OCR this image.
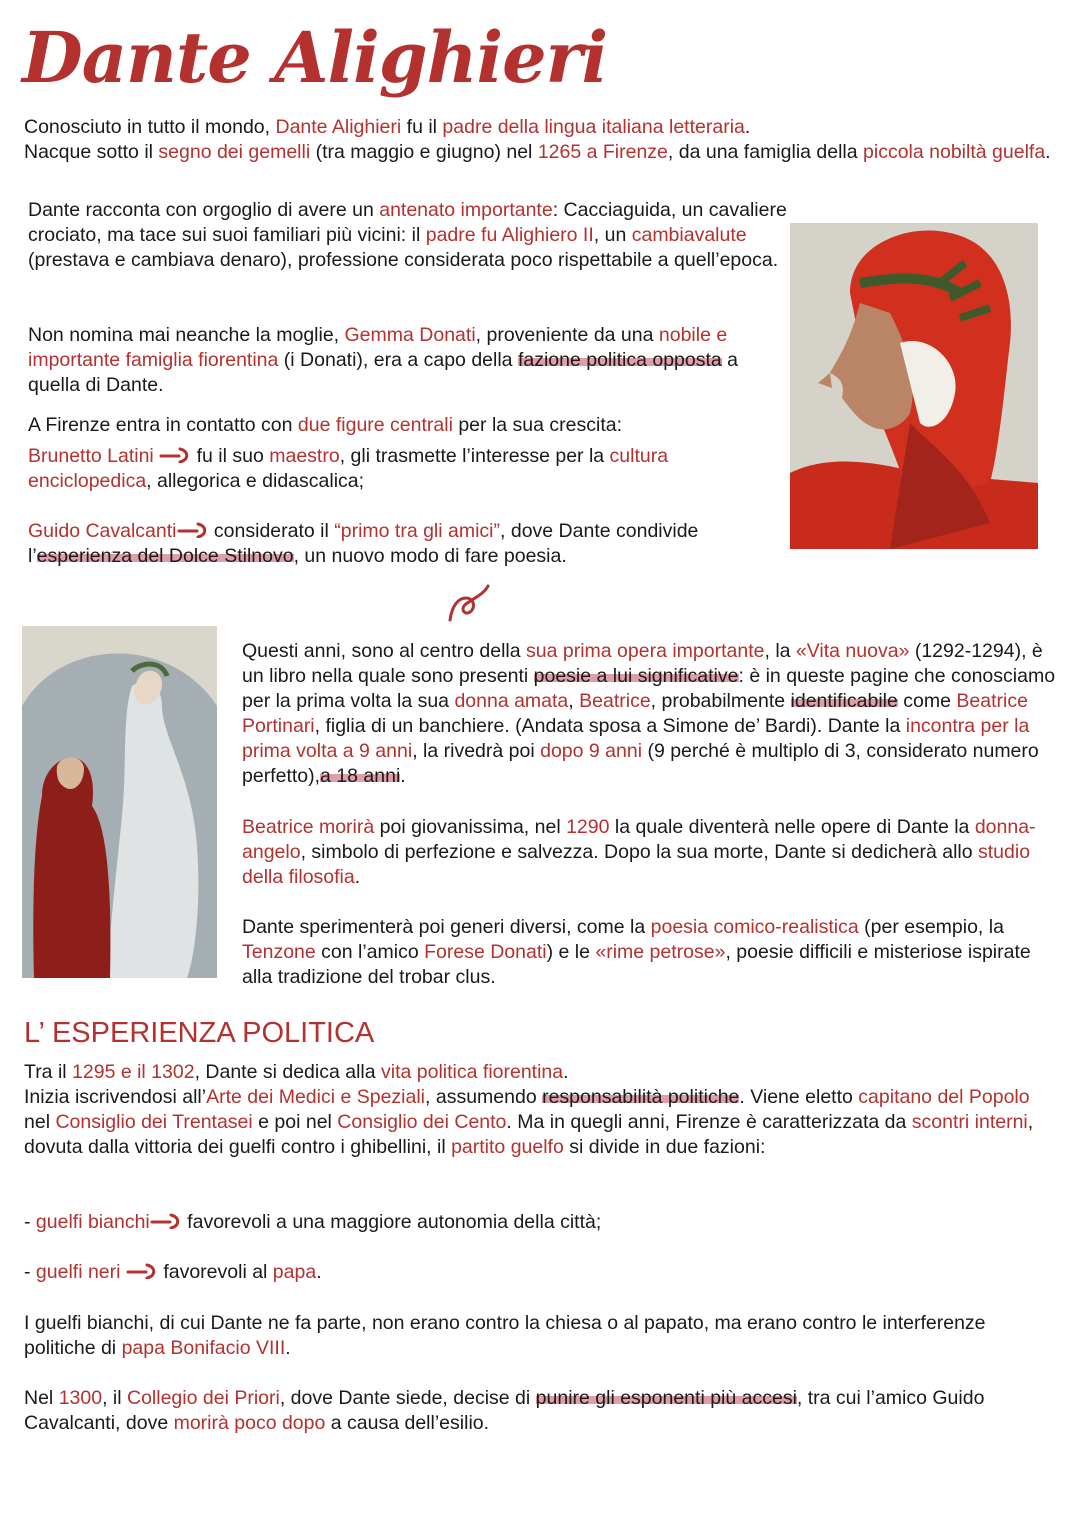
Dante Alighieri

Conosciuto in tutto il mondo, Dante Alighieri fu il padre della lingua italiana letteraria.

Nacque sotto il segno dei gemelli (tra maggio e giugno) nel 1265 a Firenze, da una famiglia della piccola nobiltà guelfa.

Dante racconta con orgoglio di avere un antenato importante: Cacciaguida, un cavaliere crociato, ma tace sui suoi familiari più vicini: il padre fu Alighiero II, un cambiavalute (prestava e cambiava denaro), professione considerata poco rispettabile a quell’epoca.

Non nomina mai neanche la moglie, Gemma Donati, proveniente da una nobile e importante famiglia fiorentina (i Donati), era a capo della fazione politica opposta a quella di Dante.

A Firenze entra in contatto con due figure centrali per la sua crescita:

Brunetto Latini  fu il suo maestro, gli trasmette l’interesse per la cultura enciclopedica, allegorica e didascalica;

Guido Cavalcanti considerato il “primo tra gli amici”, dove Dante condivide l’esperienza del Dolce Stilnovo, un nuovo modo di fare poesia.

Questi anni, sono al centro della sua prima opera importante, la «Vita nuova» (1292-1294), è un libro nella quale sono presenti poesie a lui significative: è in queste pagine che conosciamo per la prima volta la sua donna amata, Beatrice, probabilmente identificabile come Beatrice Portinari, figlia di un banchiere. (Andata sposa a Simone de’ Bardi). Dante la incontra per la prima volta a 9 anni, la rivedrà poi dopo 9 anni (9 perché è multiplo di 3, considerato numero perfetto),a 18 anni.

Beatrice morirà poi giovanissima, nel 1290 la quale diventerà nelle opere di Dante la donna-angelo, simbolo di perfezione e salvezza. Dopo la sua morte, Dante si dedicherà allo studio della filosofia.

Dante sperimenterà poi generi diversi, come la poesia comico-realistica (per esempio, la Tenzone con l’amico Forese Donati) e le «rime petrose», poesie difficili e misteriose ispirate alla tradizione del trobar clus.

L’ ESPERIENZA POLITICA

Tra il 1295 e il 1302, Dante si dedica alla vita politica fiorentina.

Inizia iscrivendosi all’Arte dei Medici e Speziali, assumendo responsabilità politiche. Viene eletto capitano del Popolo nel Consiglio dei Trentasei e poi nel Consiglio dei Cento. Ma in quegli anni, Firenze è caratterizzata da scontri interni, dovuta dalla vittoria dei guelfi contro i ghibellini, il partito guelfo si divide in due fazioni:

- guelfi bianchi favorevoli a una maggiore autonomia della città;

- guelfi neri  favorevoli al papa.

I guelfi bianchi, di cui Dante ne fa parte, non erano contro la chiesa o al papato, ma erano contro le interferenze politiche di papa Bonifacio VIII.

Nel 1300, il Collegio dei Priori, dove Dante siede, decise di punire gli esponenti più accesi, tra cui l’amico Guido Cavalcanti, dove morirà poco dopo a causa dell’esilio.
